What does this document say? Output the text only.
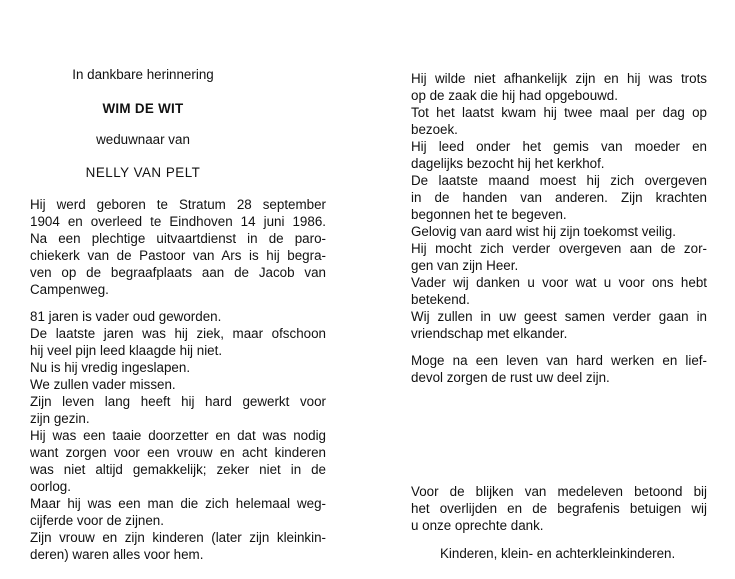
In dankbare herinnering
WIM DE WIT
weduwnaar van
NELLY VAN PELT
Hij werd geboren te Stratum 28 september
1904 en overleed te Eindhoven 14 juni 1986.
Na een plechtige uitvaartdienst in de paro-
chiekerk van de Pastoor van Ars is hij begra-
ven op de begraafplaats aan de Jacob van
Campenweg.
81 jaren is vader oud geworden.
De laatste jaren was hij ziek, maar ofschoon
hij veel pijn leed klaagde hij niet.
Nu is hij vredig ingeslapen.
We zullen vader missen.
Zijn leven lang heeft hij hard gewerkt voor
zijn gezin.
Hij was een taaie doorzetter en dat was nodig
want zorgen voor een vrouw en acht kinderen
was niet altijd gemakkelijk; zeker niet in de
oorlog.
Maar hij was een man die zich helemaal weg-
cijferde voor de zijnen.
Zijn vrouw en zijn kinderen (later zijn kleinkin-
deren) waren alles voor hem.
Hij wilde niet afhankelijk zijn en hij was trots
op de zaak die hij had opgebouwd.
Tot het laatst kwam hij twee maal per dag op
bezoek.
Hij leed onder het gemis van moeder en
dagelijks bezocht hij het kerkhof.
De laatste maand moest hij zich overgeven
in de handen van anderen. Zijn krachten
begonnen het te begeven.
Gelovig van aard wist hij zijn toekomst veilig.
Hij mocht zich verder overgeven aan de zor-
gen van zijn Heer.
Vader wij danken u voor wat u voor ons hebt
betekend.
Wij zullen in uw geest samen verder gaan in
vriendschap met elkander.
Moge na een leven van hard werken en lief-
devol zorgen de rust uw deel zijn.
Voor de blijken van medeleven betoond bij
het overlijden en de begrafenis betuigen wij
u onze oprechte dank.
Kinderen, klein- en achterkleinkinderen.
